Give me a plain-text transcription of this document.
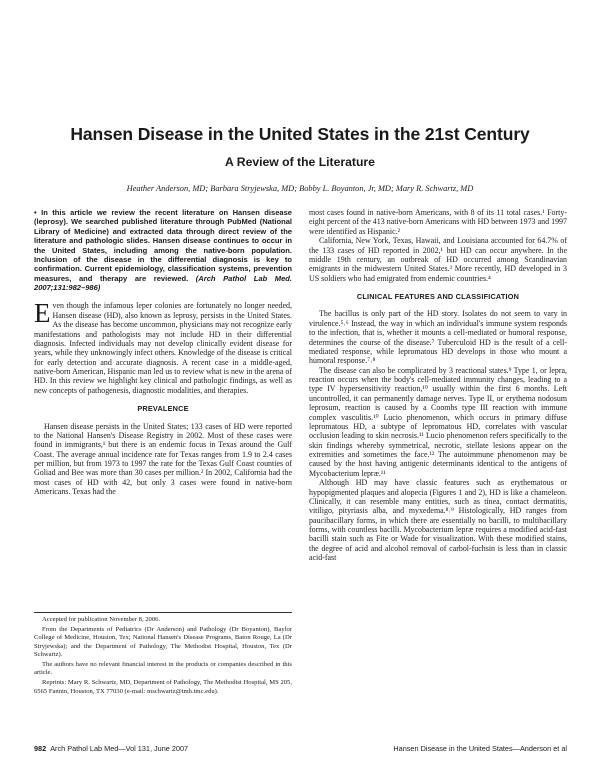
Hansen Disease in the United States in the 21st Century
A Review of the Literature
Heather Anderson, MD; Barbara Stryjewska, MD; Bobby L. Boyanton, Jr, MD; Mary R. Schwartz, MD

• In this article we review the recent literature on Hansen disease (leprosy). We searched published literature through PubMed (National Library of Medicine) and extracted data through direct review of the literature and pathologic slides. Hansen disease continues to occur in the United States, including among the native-born population. Inclusion of the disease in the differential diagnosis is key to confirmation. Current epidemiology, classification systems, prevention measures, and therapy are reviewed. (Arch Pathol Lab Med. 2007;131:982–986)

Even though the infamous leper colonies are fortunately no longer needed, Hansen disease (HD), also known as leprosy, persists in the United States. As the disease has become uncommon, physicians may not recognize early manifestations and pathologists may not include HD in their differential diagnosis. Infected individuals may not develop clinically evident disease for years, while they unknowingly infect others. Knowledge of the disease is critical for early detection and accurate diagnosis. A recent case in a middle-aged, native-born American, Hispanic man led us to review what is new in the arena of HD. In this review we highlight key clinical and pathologic findings, as well as new concepts of pathogenesis, diagnostic modalities, and therapies.

PREVALENCE

Hansen disease persists in the United States; 133 cases of HD were reported to the National Hansen's Disease Registry in 2002. Most of these cases were found in immigrants,¹ but there is an endemic focus in Texas around the Gulf Coast. The average annual incidence rate for Texas ranges from 1.9 to 2.4 cases per million, but from 1973 to 1997 the rate for the Texas Gulf Coast counties of Goliad and Bee was more than 30 cases per million.² In 2002, California had the most cases of HD with 42, but only 3 cases were found in native-born Americans. Texas had the

most cases found in native-born Americans, with 8 of its 11 total cases.¹ Forty-eight percent of the 413 native-born Americans with HD between 1973 and 1997 were identified as Hispanic.²

California, New York, Texas, Hawaii, and Louisiana accounted for 64.7% of the 133 cases of HD reported in 2002,¹ but HD can occur anywhere. In the middle 19th century, an outbreak of HD occurred among Scandinavian emigrants in the midwestern United States.³ More recently, HD developed in 3 US soldiers who had emigrated from endemic countries.⁴

CLINICAL FEATURES AND CLASSIFICATION

The bacillus is only part of the HD story. Isolates do not seem to vary in virulence.⁵˒⁶ Instead, the way in which an individual's immune system responds to the infection, that is, whether it mounts a cell-mediated or humoral response, determines the course of the disease.⁷ Tuberculoid HD is the result of a cell-mediated response, while lepromatous HD develops in those who mount a humoral response.⁷˒⁸

The disease can also be complicated by 3 reactional states.⁹ Type 1, or lepra, reaction occurs when the body's cell-mediated immunity changes, leading to a type IV hypersensitivity reaction,¹⁰ usually within the first 6 months. Left uncontrolled, it can permanently damage nerves. Type II, or erythema nodosum leprosum, reaction is caused by a Coombs type III reaction with immune complex vasculitis.¹⁰ Lucio phenomenon, which occurs in primary diffuse lepromatous HD, a subtype of lepromatous HD, correlates with vascular occlusion leading to skin necrosis.¹¹ Lucio phenomenon refers specifically to the skin findings whereby symmetrical, necrotic, stellate lesions appear on the extremities and sometimes the face.¹² The autoimmune phenomenon may be caused by the host having antigenic determinants identical to the antigens of Mycobacterium lepræ.¹¹

Although HD may have classic features such as erythematous or hypopigmented plaques and alopecia (Figures 1 and 2), HD is like a chameleon. Clinically, it can resemble many entities, such as tinea, contact dermatitis, vitiligo, pityriasis alba, and myxedema.⁸˒⁹ Histologically, HD ranges from paucibacillary forms, in which there are essentially no bacilli, to multibacillary forms, with countless bacilli. Mycobacterium lepræ requires a modified acid-fast bacilli stain such as Fite or Wade for visualization. With these modified stains, the degree of acid and alcohol removal of carbol-fuchsin is less than in classic acid-fast

Accepted for publication November 8, 2006.

From the Departments of Pediatrics (Dr Anderson) and Pathology (Dr Boyanton), Baylor College of Medicine, Houston, Tex; National Hansen's Disease Programs, Baton Rouge, La (Dr Stryjewska); and the Department of Pathology, The Methodist Hospital, Houston, Tex (Dr Schwartz).

The authors have no relevant financial interest in the products or companies described in this article.

Reprints: Mary R. Schwartz, MD, Department of Pathology, The Methodist Hospital, MS 205, 6565 Fannin, Houston, TX 77030 (e-mail: mschwartz@tmh.tmc.edu).

982 Arch Pathol Lab Med—Vol 131, June 2007	Hansen Disease in the United States—Anderson et al
